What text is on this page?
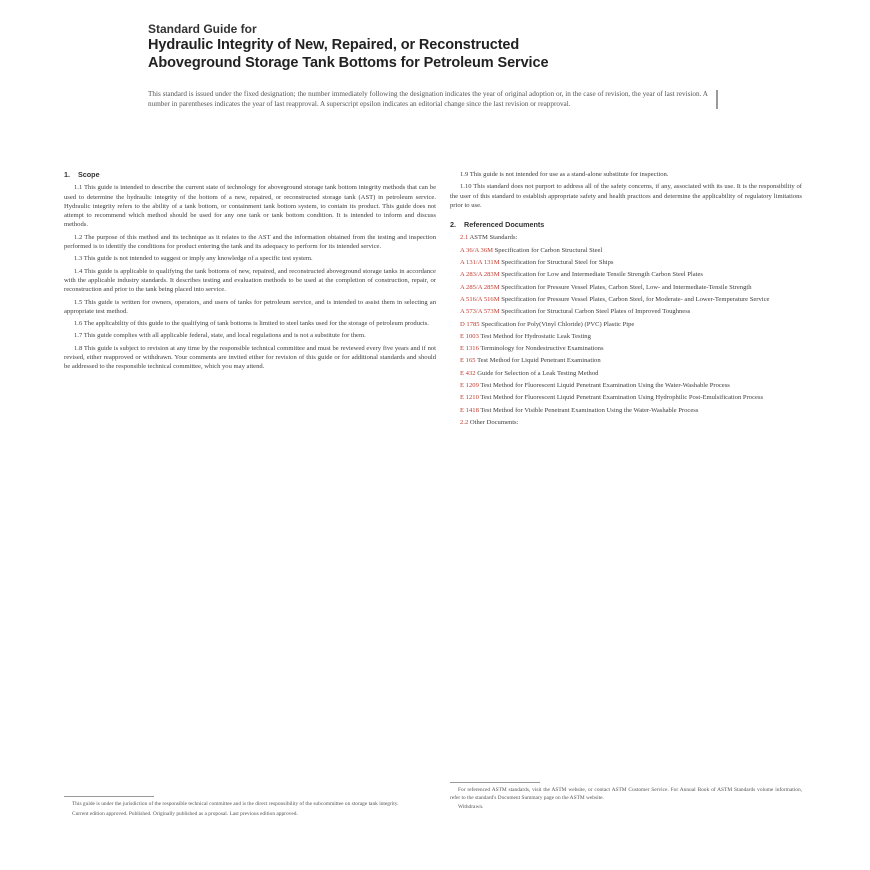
Standard Guide for
Hydraulic Integrity of New, Repaired, or Reconstructed
Aboveground Storage Tank Bottoms for Petroleum Service
This standard is issued under the fixed designation; the number immediately following the designation indicates the year of original adoption or, in the case of revision, the year of last revision. A number in parentheses indicates the year of last reapproval. A superscript epsilon indicates an editorial change since the last revision or reapproval.
1. Scope

1.1 This guide is intended to describe the current state of technology for aboveground storage tank bottom integrity methods that can be used to determine the hydraulic integrity of the bottom of a new, repaired, or reconstructed storage tank (AST) in petroleum service. Hydraulic integrity refers to the ability of a tank bottom, or containment tank bottom system, to contain its product. This guide does not attempt to recommend which method should be used for any one tank or tank bottom condition. It is intended to inform and discuss methods.

1.2 The purpose of this method and its technique as it relates to the AST and the information obtained from the testing and inspection performed is to identify the conditions for product entering the tank and its adequacy to perform for its intended service.

1.3 This guide is not intended to suggest or imply any knowledge of a specific test system.

1.4 This guide is applicable to qualifying the tank bottoms of new, repaired, and reconstructed aboveground storage tanks in accordance with the applicable industry standards. It describes testing and evaluation methods to be used at the completion of construction, repair, or reconstruction and prior to the tank being placed into service.

1.5 This guide is written for owners, operators, and users of tanks for petroleum service, and is intended to assist them in selecting an appropriate test method.

1.6 The applicability of this guide to the qualifying of tank bottoms is limited to steel tanks used for the storage of petroleum products.

1.7 This guide complies with all applicable federal, state, and local regulations and is not a substitute for them.

1.8 This guide is subject to revision at any time by the responsible technical committee and must be reviewed every five years and if not revised, either reapproved or withdrawn. Your comments are invited either for revision of this guide or for additional standards and should be addressed to the responsible technical committee, which you may attend.

1.9 This guide is not intended for use as a stand-alone substitute for inspection.

1.10 This standard does not purport to address all of the safety concerns, if any, associated with its use. It is the responsibility of the user of this standard to establish appropriate safety and health practices and determine the applicability of regulatory limitations prior to use.

2. Referenced Documents
2.1ASTM Standards:
A 36/A 36M Specification for Carbon Structural Steel
A 131/A 131M Specification for Structural Steel for Ships
A 283/A 283M Specification for Low and Intermediate Tensile Strength Carbon Steel Plates
A 285/A 285M Specification for Pressure Vessel Plates, Carbon Steel, Low- and Intermediate-Tensile Strength
A 516/A 516M Specification for Pressure Vessel Plates, Carbon Steel, for Moderate- and Lower-Temperature Service
A 573/A 573M Specification for Structural Carbon Steel Plates of Improved Toughness
D 1785 Specification for Poly(Vinyl Chloride) (PVC) Plastic Pipe
E 1003 Test Method for Hydrostatic Leak Testing
E 1316 Terminology for Nondestructive Examinations
E 165 Test Method for Liquid Penetrant Examination
E 432 Guide for Selection of a Leak Testing Method
E 1209 Test Method for Fluorescent Liquid Penetrant Examination Using the Water-Washable Process
E 1210 Test Method for Fluorescent Liquid Penetrant Examination Using Hydrophilic Post-Emulsification Process
E 1418 Test Method for Visible Penetrant Examination Using the Water-Washable Process
2.2 Other Documents:

This guide is under the jurisdiction of the responsible technical committee and is the direct responsibility of the subcommittee on storage tank integrity.

Current edition approved. Published. Originally published as a proposal. Last previous edition approved.

For referenced ASTM standards, visit the ASTM website, or contact ASTM Customer Service. For Annual Book of ASTM Standards volume information, refer to the standard's Document Summary page on the ASTM website.

Withdrawn.
